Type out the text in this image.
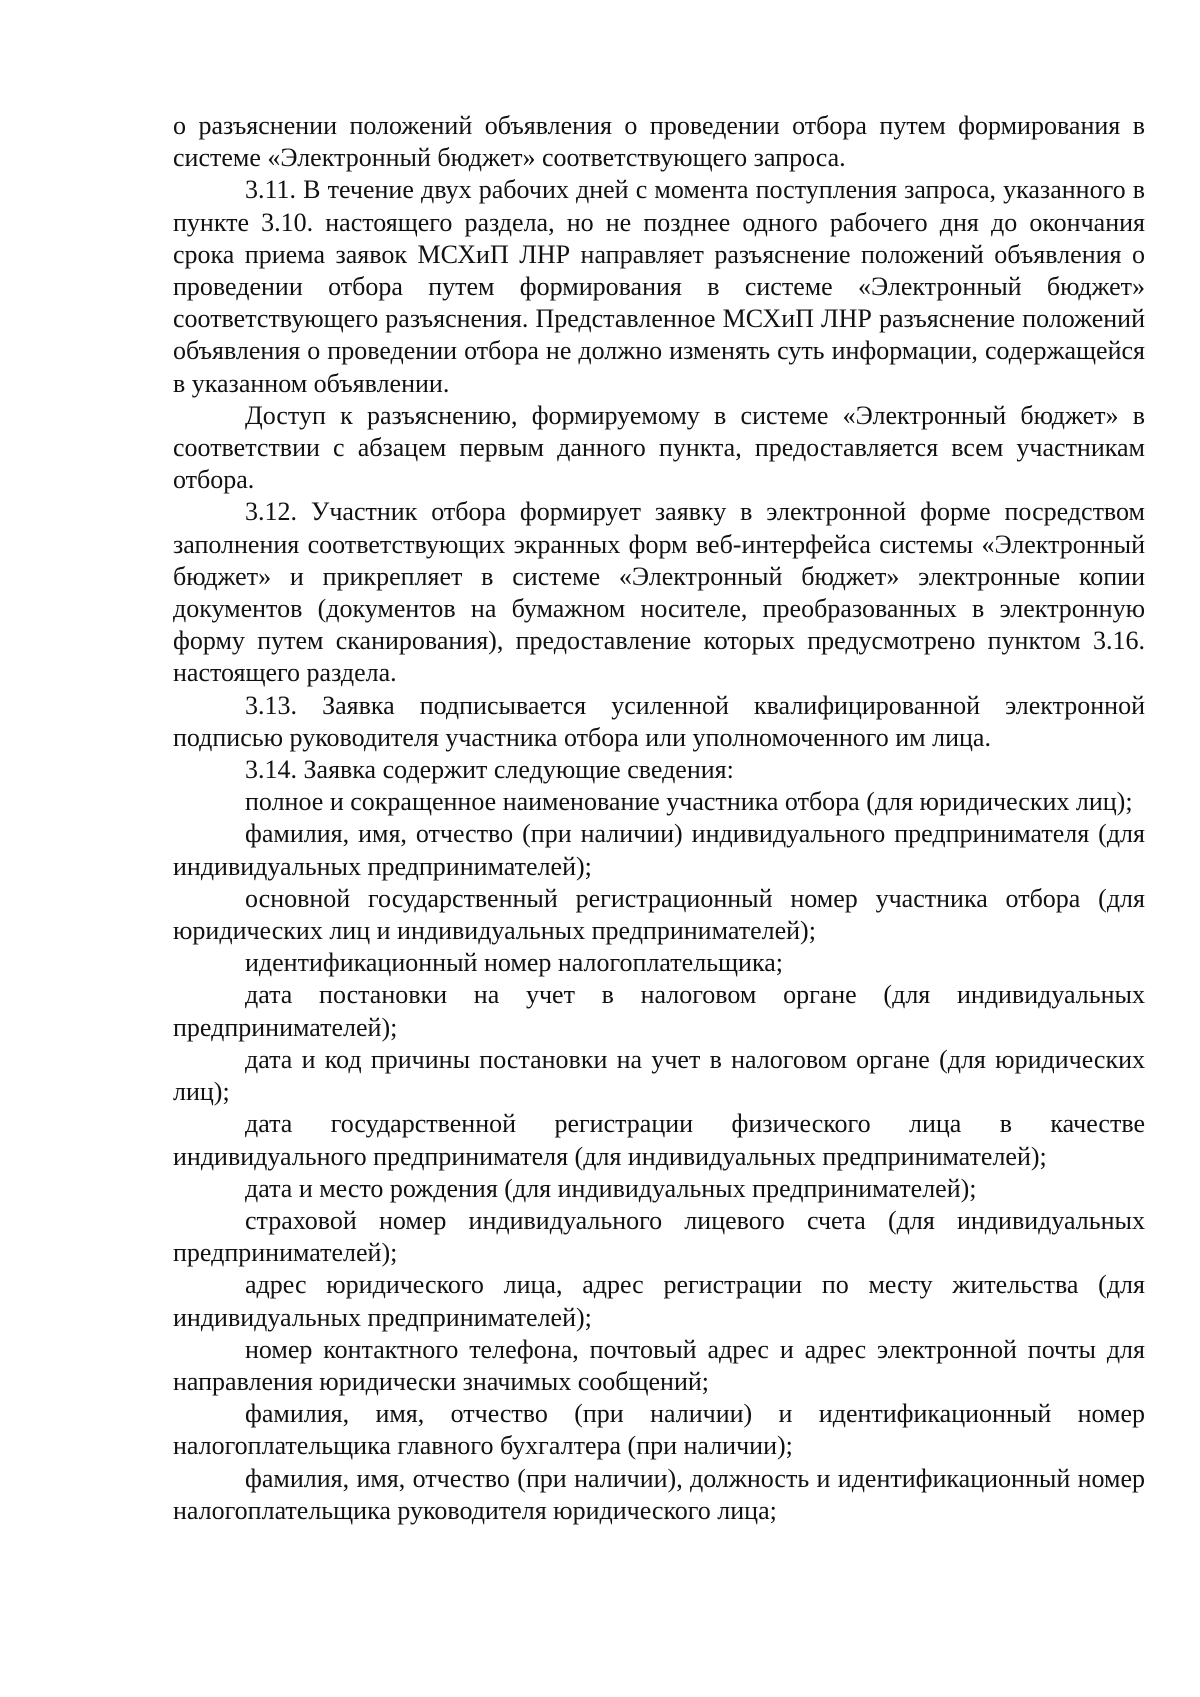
о разъяснении положений объявления о проведении отбора путем формирования в системе «Электронный бюджет» соответствующего запроса.

3.11. В течение двух рабочих дней с момента поступления запроса, указанного в пункте 3.10. настоящего раздела, но не позднее одного рабочего дня до окончания срока приема заявок МСХиП ЛНР направляет разъяснение положений объявления о проведении отбора путем формирования в системе «Электронный бюджет» соответствующего разъяснения. Представленное МСХиП ЛНР разъяснение положений объявления о проведении отбора не должно изменять суть информации, содержащейся в указанном объявлении.

Доступ к разъяснению, формируемому в системе «Электронный бюджет» в соответствии с абзацем первым данного пункта, предоставляется всем участникам отбора.

3.12. Участник отбора формирует заявку в электронной форме посредством заполнения соответствующих экранных форм веб-интерфейса системы «Электронный бюджет» и прикрепляет в системе «Электронный бюджет» электронные копии документов (документов на бумажном носителе, преобразованных в электронную форму путем сканирования), предоставление которых предусмотрено пунктом 3.16. настоящего раздела.

3.13. Заявка подписывается усиленной квалифицированной электронной подписью руководителя участника отбора или уполномоченного им лица.

3.14. Заявка содержит следующие сведения:

полное и сокращенное наименование участника отбора (для юридических лиц);

фамилия, имя, отчество (при наличии) индивидуального предпринимателя (для индивидуальных предпринимателей);

основной государственный регистрационный номер участника отбора (для юридических лиц и индивидуальных предпринимателей);

идентификационный номер налогоплательщика;

дата постановки на учет в налоговом органе (для индивидуальных предпринимателей);

дата и код причины постановки на учет в налоговом органе (для юридических лиц);

дата государственной регистрации физического лица в качестве индивидуального предпринимателя (для индивидуальных предпринимателей);

дата и место рождения (для индивидуальных предпринимателей);

страховой номер индивидуального лицевого счета (для индивидуальных предпринимателей);

адрес юридического лица, адрес регистрации по месту жительства (для индивидуальных предпринимателей);

номер контактного телефона, почтовый адрес и адрес электронной почты для направления юридически значимых сообщений;

фамилия, имя, отчество (при наличии) и идентификационный номер налогоплательщика главного бухгалтера (при наличии);

фамилия, имя, отчество (при наличии), должность и идентификационный номер налогоплательщика руководителя юридического лица;
